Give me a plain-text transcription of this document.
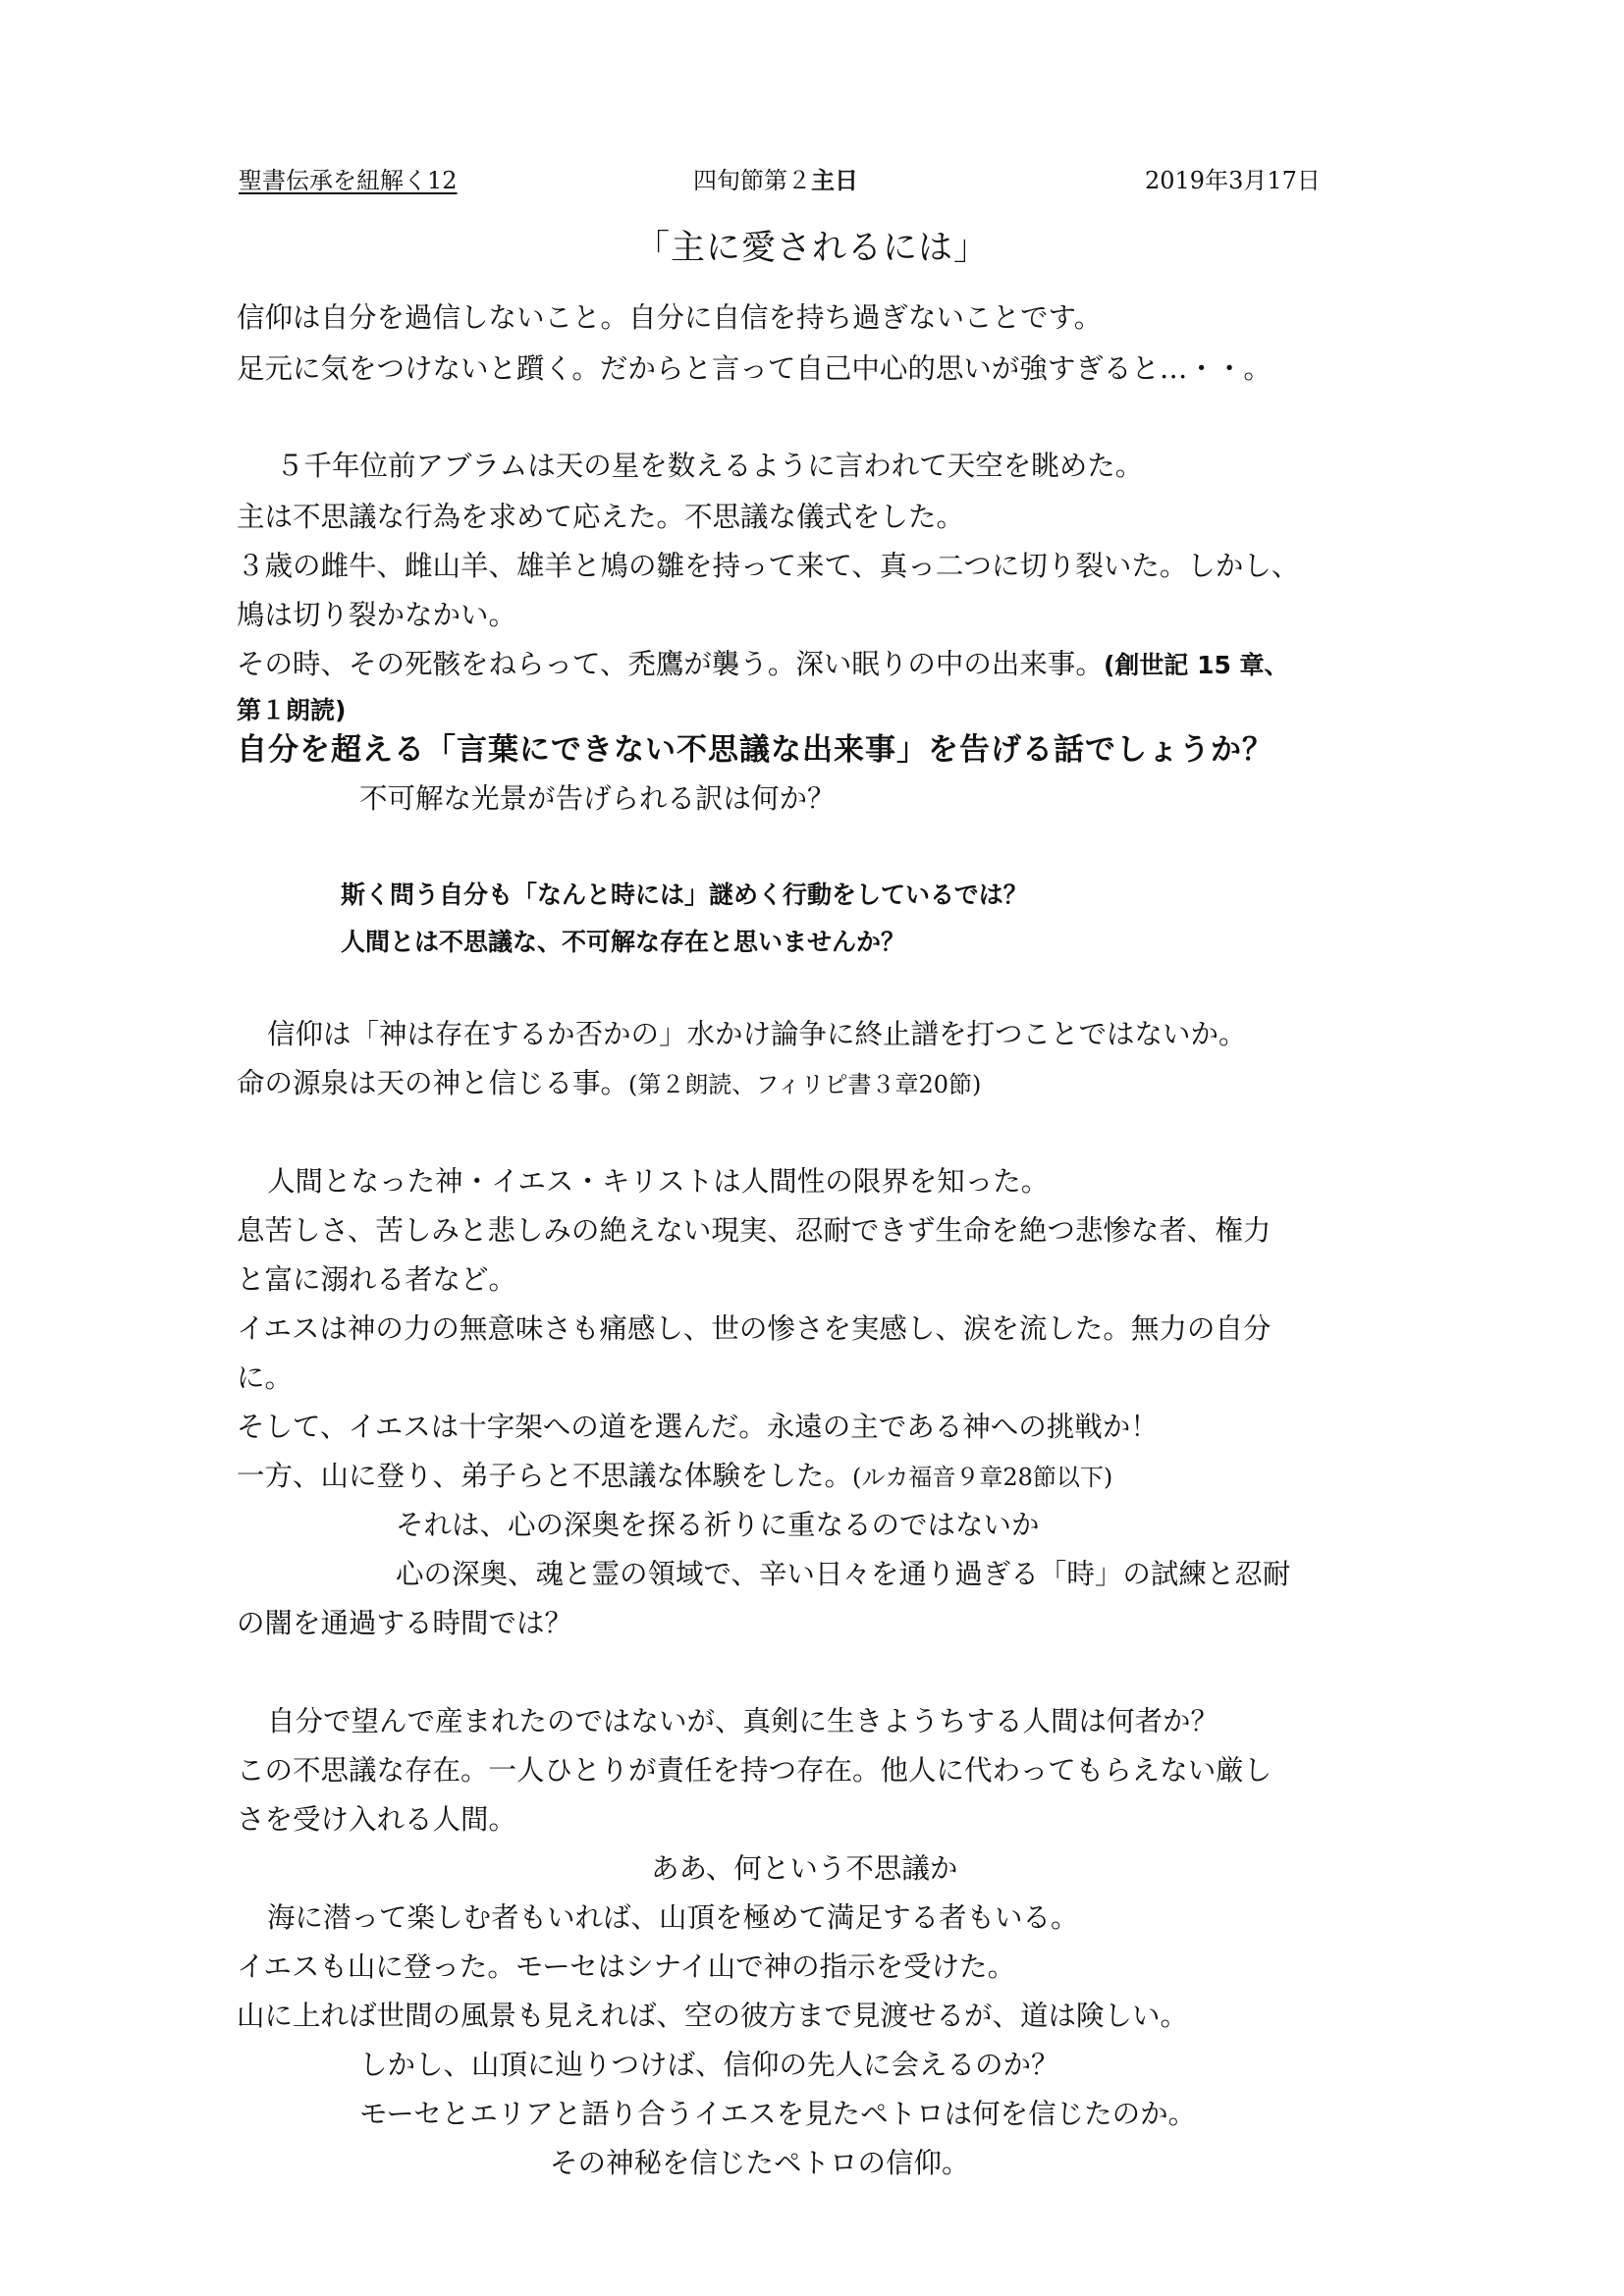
聖書伝承を紐解く12	四旬節第２主日	2019年3月17日
「主に愛されるには」
信仰は自分を過信しないこと。自分に自信を持ち過ぎないことです。
足元に気をつけないと躓く。だからと言って自己中心的思いが強すぎると…・・。
５千年位前アブラムは天の星を数えるように言われて天空を眺めた。
主は不思議な行為を求めて応えた。不思議な儀式をした。
３歳の雌牛、雌山羊、雄羊と鳩の雛を持って来て、真っ二つに切り裂いた。しかし、
鳩は切り裂かなかい。
その時、その死骸をねらって、禿鷹が襲う。深い眠りの中の出来事。(創世記 15 章、
第１朗読)
自分を超える「言葉にできない不思議な出来事」を告げる話でしょうか？
不可解な光景が告げられる訳は何か？
斯く問う自分も「なんと時には」謎めく行動をしているでは？
人間とは不思議な、不可解な存在と思いませんか？
信仰は「神は存在するか否かの」水かけ論争に終止譜を打つことではないか。
命の源泉は天の神と信じる事。(第２朗読、フィリピ書３章20節)
人間となった神・イエス・キリストは人間性の限界を知った。
息苦しさ、苦しみと悲しみの絶えない現実、忍耐できず生命を絶つ悲惨な者、権力
と富に溺れる者など。
イエスは神の力の無意味さも痛感し、世の惨さを実感し、涙を流した。無力の自分
に。
そして、イエスは十字架への道を選んだ。永遠の主である神への挑戦か！
一方、山に登り、弟子らと不思議な体験をした。(ルカ福音９章28節以下)
それは、心の深奥を探る祈りに重なるのではないか
心の深奥、魂と霊の領域で、辛い日々を通り過ぎる「時」の試練と忍耐
の闇を通過する時間では？
自分で望んで産まれたのではないが、真剣に生きようちする人間は何者か？
この不思議な存在。一人ひとりが責任を持つ存在。他人に代わってもらえない厳し
さを受け入れる人間。
ああ、何という不思議か
海に潜って楽しむ者もいれば、山頂を極めて満足する者もいる。
イエスも山に登った。モーセはシナイ山で神の指示を受けた。
山に上れば世間の風景も見えれば、空の彼方まで見渡せるが、道は険しい。
しかし、山頂に辿りつけば、信仰の先人に会えるのか？
モーセとエリアと語り合うイエスを見たペトロは何を信じたのか。
その神秘を信じたペトロの信仰。
